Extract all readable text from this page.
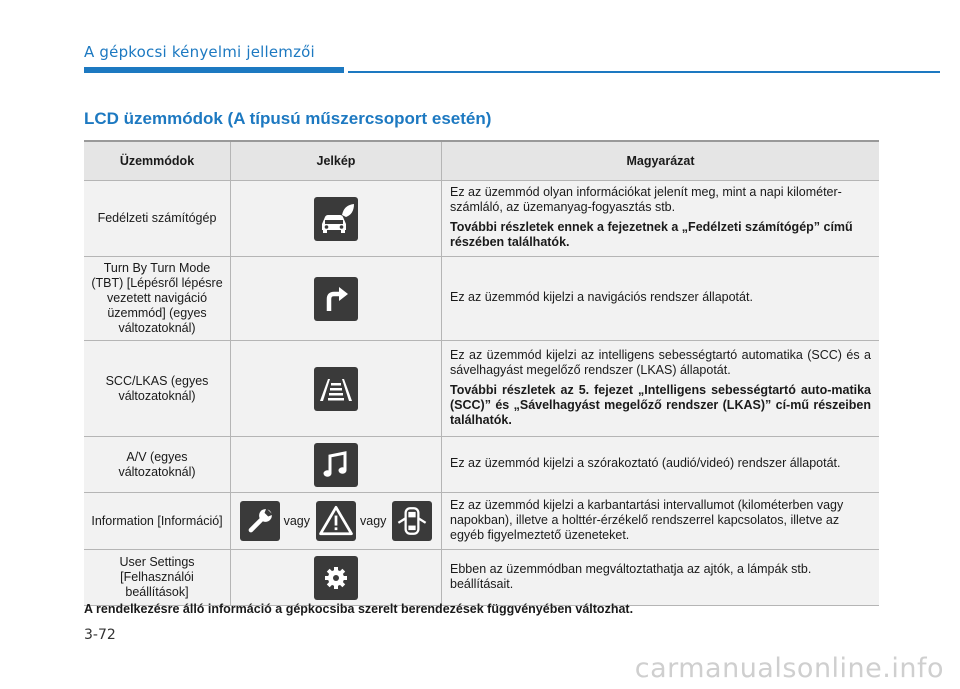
A gépkocsi kényelmi jellemzői
LCD üzemmódok (A típusú műszercsoport esetén)
Üzemmódok	Jelkép	Magyarázat
Fedélzeti számítógép		Ez az üzemmód olyan információkat jelenít meg, mint a napi kilométer-számláló, az üzemanyag-fogyasztás stb.

További részletek ennek a fejezetnek a „Fedélzeti számítógép” című részében találhatók.

Turn By Turn Mode (TBT) [Lépésről lépésre vezetett navigáció üzemmód] (egyes változatoknál)		Ez az üzemmód kijelzi a navigációs rendszer állapotát.

SCC/LKAS (egyes változatoknál)		Ez az üzemmód kijelzi az intelligens sebességtartó automatika (SCC) és a sávelhagyást megelőző rendszer (LKAS) állapotát.

További részletek az 5. fejezet „Intelligens sebességtartó auto-matika (SCC)” és „Sávelhagyást megelőző rendszer (LKAS)” cí-mű részeiben találhatók.

A/V (egyes változatoknál)		Ez az üzemmód kijelzi a szórakoztató (audió/videó) rendszer állapotát.

Information [Információ]	vagy vagy	Ez az üzemmód kijelzi a karbantartási intervallumot (kilométerben vagy napokban), illetve a holttér-érzékelő rendszerrel kapcsolatos, illetve az egyéb figyelmeztető üzeneteket.

User Settings [Felhasználói beállítások]		Ebben az üzemmódban megváltoztathatja az ajtók, a lámpák stb. beállításait.

A rendelkezésre álló információ a gépkocsiba szerelt berendezések függvényében változhat.
3-72
carmanualsonline.info
